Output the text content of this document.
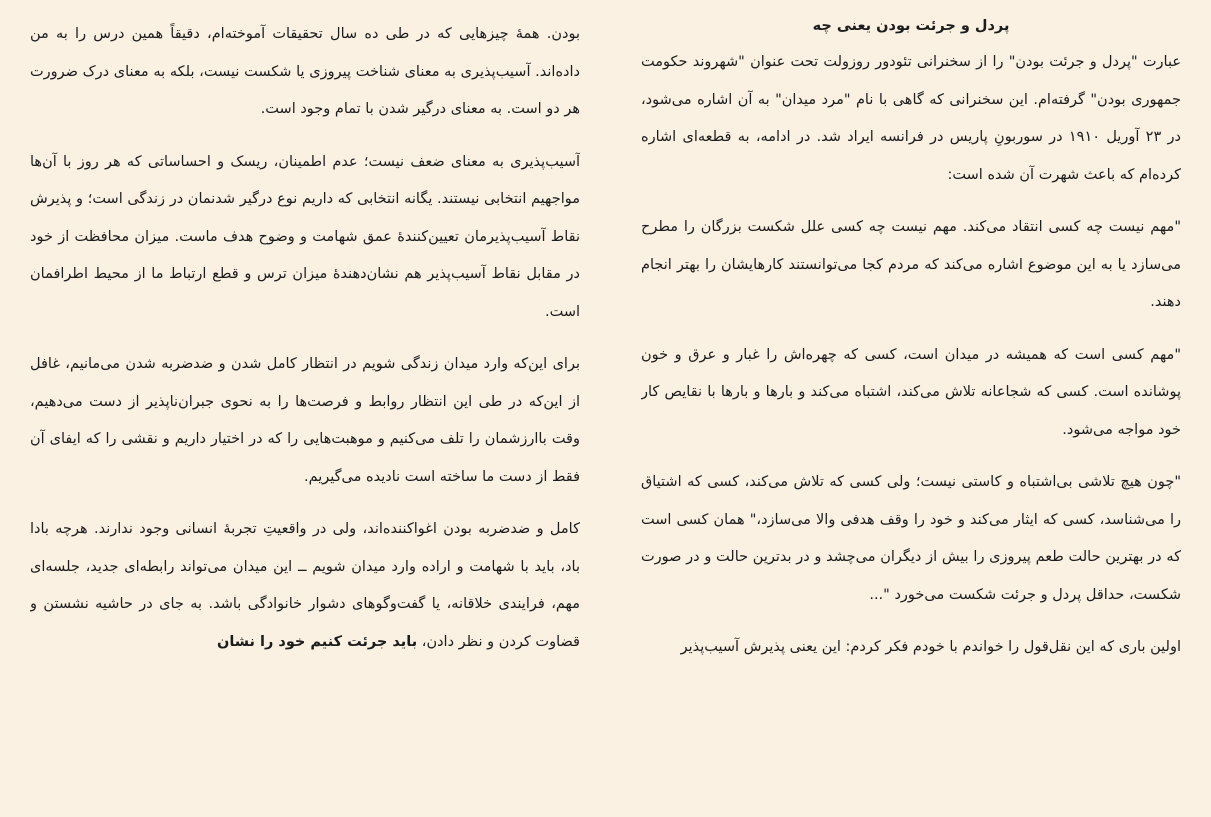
پردل و جرئت بودن یعنی چه

عبارت "پردل و جرئت بودن" را از سخنرانی تئودور روزولت تحت عنوان "شهروند حکومت جمهوری بودن" گرفته‌ام. این سخنرانی که گاهی با نام "مرد میدان" به آن اشاره می‌شود، در ۲۳ آوریل ۱۹۱۰ در سوربونِ پاریس در فرانسه ایراد شد. در ادامه، به قطعه‌ای اشاره کرده‌ام که باعث شهرت آن شده است:

"مهم نیست چه کسی انتقاد می‌کند. مهم نیست چه کسی علل شکست بزرگان را مطرح می‌سازد یا به این موضوع اشاره می‌کند که مردم کجا می‌توانستند کارهایشان را بهتر انجام دهند.

"مهم کسی است که همیشه در میدان است، کسی که چهره‌اش را غبار و عرق و خون پوشانده است. کسی که شجاعانه تلاش می‌کند، اشتباه می‌کند و بارها و بارها با نقایص کار خود مواجه می‌شود.

"چون هیچ تلاشی بی‌اشتباه و کاستی نیست؛ ولی کسی که تلاش می‌کند، کسی که اشتیاق را می‌شناسد، کسی که ایثار می‌کند و خود را وقف هدفی والا می‌سازد،" همان کسی است که در بهترین حالت طعم پیروزی را بیش از دیگران می‌چشد و در بدترین حالت و در صورت شکست، حداقل پردل و جرئت شکست می‌خورد "...

اولین باری که این نقل‌قول را خواندم با خودم فکر کردم: این یعنی پذیرش آسیب‌پذیر

بودن. همهٔ چیزهایی که در طی ده سال تحقیقات آموخته‌ام، دقیقاً همین درس را به من داده‌اند. آسیب‌پذیری به معنای شناخت پیروزی یا شکست نیست، بلکه به معنای درک ضرورت هر دو است. به معنای درگیر شدن با تمام وجود است.

آسیب‌پذیری به معنای ضعف نیست؛ عدم اطمینان، ریسک و احساساتی که هر روز با آن‌ها مواجهیم انتخابی نیستند. یگانه انتخابی که داریم نوع درگیر شدنمان در زندگی است؛ و پذیرش نقاط آسیب‌پذیرمان تعیین‌کنندهٔ عمق شهامت و وضوح هدف ماست. میزان محافظت از خود در مقابل نقاط آسیب‌پذیر هم نشان‌دهندهٔ میزان ترس و قطع ارتباط ما از محیط اطرافمان است.

برای این‌که وارد میدان زندگی شویم در انتظار کامل شدن و ضدضربه شدن می‌مانیم، غافل از این‌که در طی این انتظار روابط و فرصت‌ها را به نحوی جبران‌ناپذیر از دست می‌دهیم، وقت باارزشمان را تلف می‌کنیم و موهبت‌هایی را که در اختیار داریم و نقشی را که ایفای آن فقط از دست ما ساخته است نادیده می‌گیریم.

کامل و ضدضربه بودن اغواکننده‌اند، ولی در واقعیتِ تجربهٔ انسانی وجود ندارند. هرچه بادا باد، باید با شهامت و اراده وارد میدان شویم ــ این میدان می‌تواند رابطه‌ای جدید، جلسه‌ای مهم، فرایندی خلاقانه، یا گفت‌وگوهای دشوار خانوادگی باشد. به جای در حاشیه نشستن و قضاوت کردن و نظر دادن، باید جرئت کنیم خود را نشان
